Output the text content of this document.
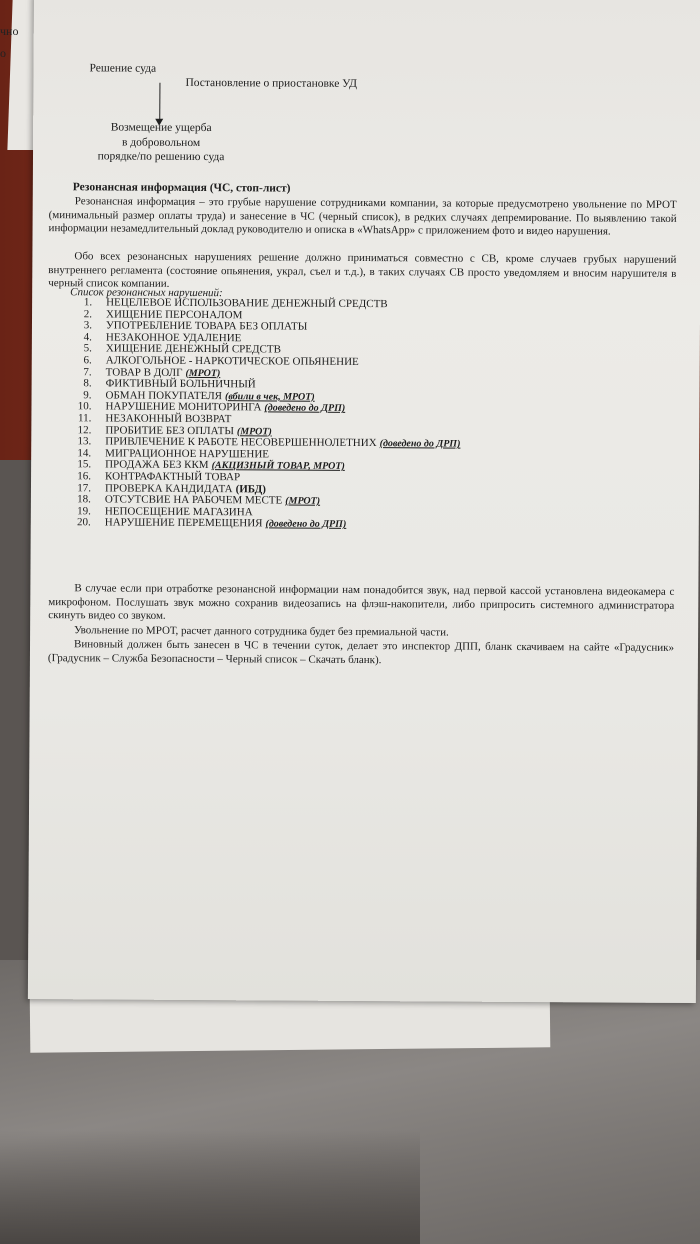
чно
о
Решение суда
Постановление о приостановке УД
Возмещение ущерба
в добровольном
порядке/по решению суда
Резонансная информация (ЧС, стоп-лист)
Резонансная информация – это грубые нарушение сотрудниками компании, за которые предусмотрено увольнение по МРОТ (минимальный размер оплаты труда) и занесение в ЧС (черный список), в редких случаях депремирование. По выявлению такой информации незамедлительный доклад руководителю и описка в «WhatsApp» с приложением фото и видео нарушения.
Обо всех резонансных нарушениях решение должно приниматься совместно с СВ, кроме случаев грубых нарушений внутреннего регламента (состояние опьянения, украл, съел и т.д.), в таких случаях СВ просто уведомляем и вносим нарушителя в черный список компании.
Список резонансных нарушений:
1.	НЕЦЕЛЕВОЕ ИСПОЛЬЗОВАНИЕ ДЕНЕЖНЫЙ СРЕДСТВ
2.	ХИЩЕНИЕ ПЕРСОНАЛОМ
3.	УПОТРЕБЛЕНИЕ ТОВАРА БЕЗ ОПЛАТЫ
4.	НЕЗАКОННОЕ УДАЛЕНИЕ
5.	ХИЩЕНИЕ ДЕНЕЖНЫЙ СРЕДСТВ
6.	АЛКОГОЛЬНОЕ - НАРКОТИЧЕСКОЕ ОПЬЯНЕНИЕ
7.	ТОВАР В ДОЛГ (МРОТ)
8.	ФИКТИВНЫЙ БОЛЬНИЧНЫЙ
9.	ОБМАН ПОКУПАТЕЛЯ (вбили в чек, МРОТ)
10.	НАРУШЕНИЕ МОНИТОРИНГА (доведено до ДРП)
11.	НЕЗАКОННЫЙ ВОЗВРАТ
12.	ПРОБИТИЕ БЕЗ ОПЛАТЫ (МРОТ)
13.	ПРИВЛЕЧЕНИЕ К РАБОТЕ НЕСОВЕРШЕННОЛЕТНИХ (доведено до ДРП)
14.	МИГРАЦИОННОЕ НАРУШЕНИЕ
15.	ПРОДАЖА БЕЗ ККМ (АКЦИЗНЫЙ ТОВАР, МРОТ)
16.	КОНТРАФАКТНЫЙ ТОВАР
17.	ПРОВЕРКА КАНДИДАТА (ИБД)
18.	ОТСУТСВИЕ НА РАБОЧЕМ МЕСТЕ (МРОТ)
19.	НЕПОСЕЩЕНИЕ МАГАЗИНА
20.	НАРУШЕНИЕ ПЕРЕМЕЩЕНИЯ (доведено до ДРП)
В случае если при отработке резонансной информации нам понадобится звук, над первой кассой установлена видеокамера с микрофоном. Послушать звук можно сохранив видеозапись на флэш-накопители, либо припросить системного администратора скинуть видео со звуком.
Увольнение по МРОТ, расчет данного сотрудника будет без премиальной части.
Виновный должен быть занесен в ЧС в течении суток, делает это инспектор ДПП, бланк скачиваем на сайте «Градусник» (Градусник – Служба Безопасности – Черный список – Скачать бланк).
